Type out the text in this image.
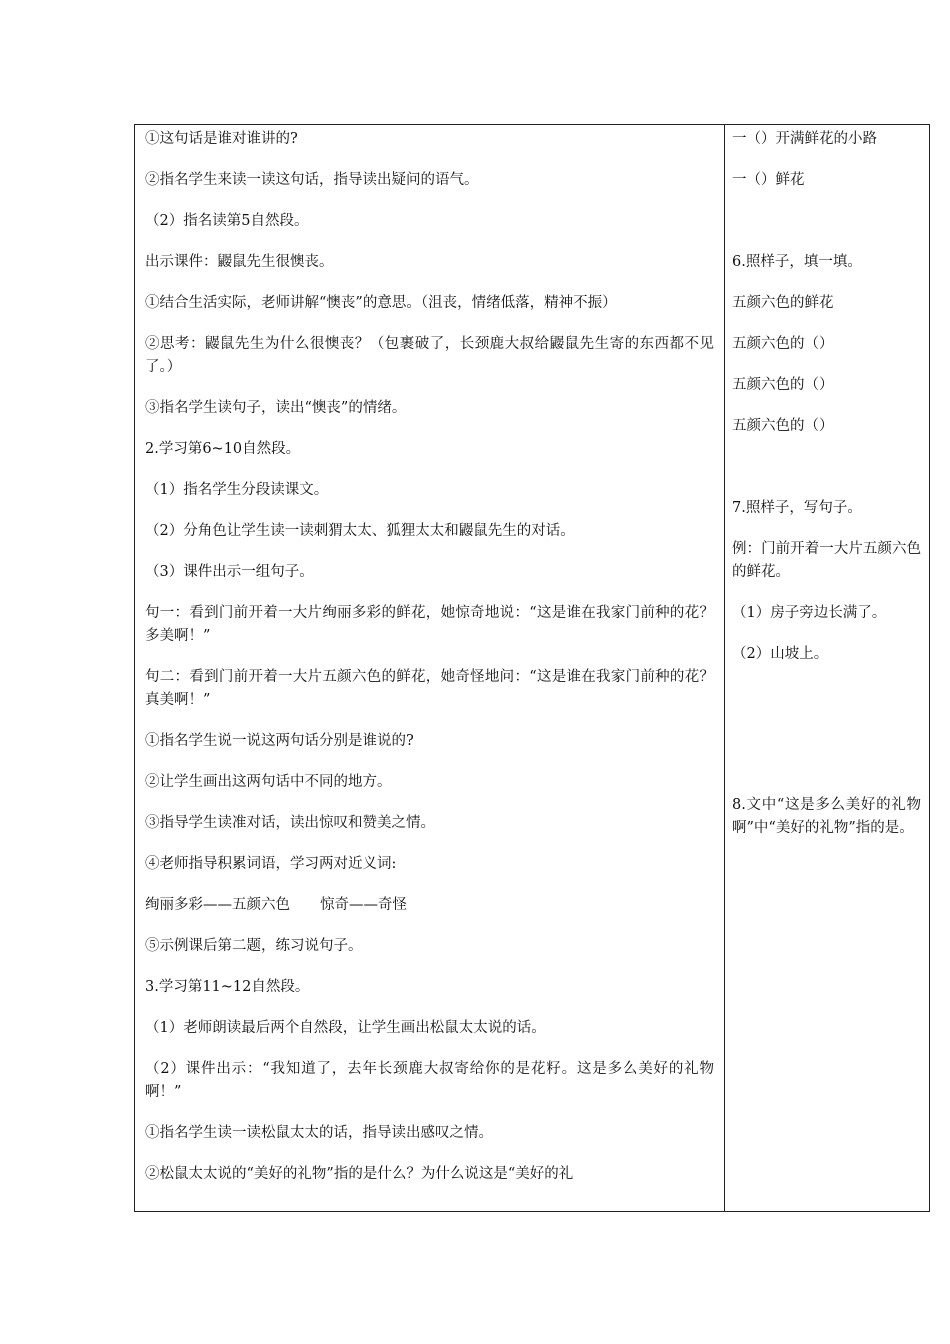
①这句话是谁对谁讲的?

②指名学生来读一读这句话，指导读出疑问的语气。

（2）指名读第5自然段。

出示课件：鼹鼠先生很懊丧。

①结合生活实际，老师讲解“懊丧”的意思。（沮丧，情绪低落，精神不振）

②思考：鼹鼠先生为什么很懊丧？（包裹破了，长颈鹿大叔给鼹鼠先生寄的东西都不见了。）

③指名学生读句子，读出“懊丧”的情绪。

2.学习第6~10自然段。

（1）指名学生分段读课文。

（2）分角色让学生读一读刺猬太太、狐狸太太和鼹鼠先生的对话。

（3）课件出示一组句子。

句一：看到门前开着一大片绚丽多彩的鲜花，她惊奇地说：“这是谁在我家门前种的花？多美啊！”

句二：看到门前开着一大片五颜六色的鲜花，她奇怪地问：“这是谁在我家门前种的花？真美啊！”

①指名学生说一说这两句话分别是谁说的?

②让学生画出这两句话中不同的地方。

③指导学生读准对话，读出惊叹和赞美之情。

④老师指导积累词语，学习两对近义词:

绚丽多彩——五颜六色 惊奇——奇怪

⑤示例课后第二题，练习说句子。

3.学习第11~12自然段。

（1）老师朗读最后两个自然段，让学生画出松鼠太太说的话。

（2）课件出示：“我知道了，去年长颈鹿大叔寄给你的是花籽。这是多么美好的礼物啊！”

①指名学生读一读松鼠太太的话，指导读出感叹之情。

②松鼠太太说的“美好的礼物”指的是什么？为什么说这是“美好的礼

一（）开满鲜花的小路

一（）鲜花

6.照样子，填一填。

五颜六色的鲜花

五颜六色的（）

五颜六色的（）

五颜六色的（）

7.照样子，写句子。

例：门前开着一大片五颜六色的鲜花。

（1）房子旁边长满了。

（2）山坡上。

8.文中“这是多么美好的礼物啊”中“美好的礼物”指的是。
